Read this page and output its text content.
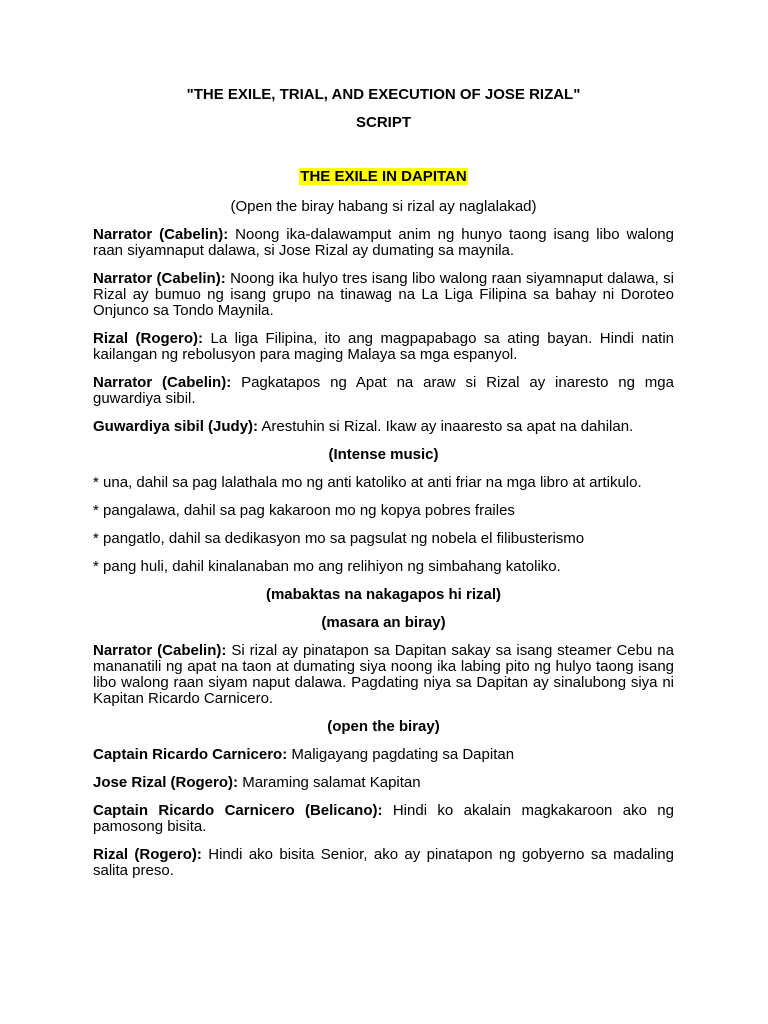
"THE EXILE, TRIAL, AND EXECUTION OF JOSE RIZAL"

SCRIPT

THE EXILE IN DAPITAN

(Open the biray habang si rizal ay naglalakad)

Narrator (Cabelin): Noong ika-dalawamput anim ng hunyo taong isang libo walong raan siyamnaput dalawa, si Jose Rizal ay dumating sa maynila.

Narrator (Cabelin): Noong ika hulyo tres isang libo walong raan siyamnaput dalawa, si Rizal ay bumuo ng isang grupo na tinawag na La Liga Filipina sa bahay ni Doroteo Onjunco sa Tondo Maynila.

Rizal (Rogero): La liga Filipina, ito ang magpapabago sa ating bayan. Hindi natin kailangan ng rebolusyon para maging Malaya sa mga espanyol.

Narrator (Cabelin): Pagkatapos ng Apat na araw si Rizal ay inaresto ng mga guwardiya sibil.

Guwardiya sibil (Judy): Arestuhin si Rizal. Ikaw ay inaaresto sa apat na dahilan.

(Intense music)

* una, dahil sa pag lalathala mo ng anti katoliko at anti friar na mga libro at artikulo.

* pangalawa, dahil sa pag kakaroon mo ng kopya pobres frailes

* pangatlo, dahil sa dedikasyon mo sa pagsulat ng nobela el filibusterismo

* pang huli, dahil kinalanaban mo ang relihiyon ng simbahang katoliko.

(mabaktas na nakagapos hi rizal)

(masara an biray)

Narrator (Cabelin): Si rizal ay pinatapon sa Dapitan sakay sa isang steamer Cebu na mananatili ng apat na taon at dumating siya noong ika labing pito ng hulyo taong isang libo walong raan siyam naput dalawa. Pagdating niya sa Dapitan ay sinalubong siya ni Kapitan Ricardo Carnicero.

(open the biray)

Captain Ricardo Carnicero: Maligayang pagdating sa Dapitan

Jose Rizal (Rogero): Maraming salamat Kapitan

Captain Ricardo Carnicero (Belicano): Hindi ko akalain magkakaroon ako ng pamosong bisita.

Rizal (Rogero): Hindi ako bisita Senior, ako ay pinatapon ng gobyerno sa madaling salita preso.
